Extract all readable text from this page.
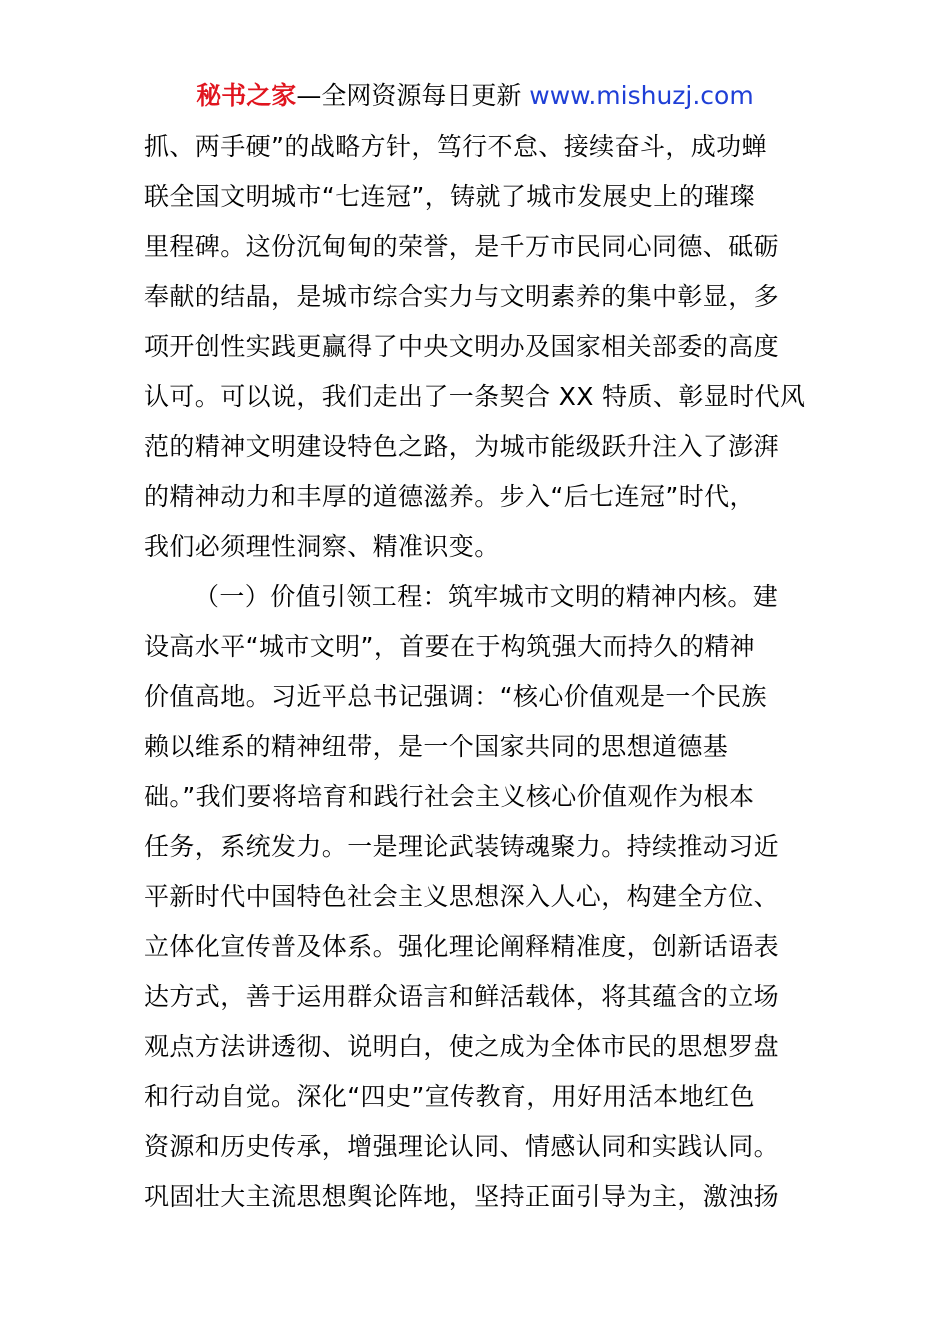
秘书之家—全网资源每日更新 www.mishuzj.com
抓、两手硬”的战略方针，笃行不怠、接续奋斗，成功蝉
联全国文明城市“七连冠”，铸就了城市发展史上的璀璨
里程碑。这份沉甸甸的荣誉，是千万市民同心同德、砥砺
奉献的结晶，是城市综合实力与文明素养的集中彰显，多
项开创性实践更赢得了中央文明办及国家相关部委的高度
认可。可以说，我们走出了一条契合 XX 特质、彰显时代风
范的精神文明建设特色之路，为城市能级跃升注入了澎湃
的精神动力和丰厚的道德滋养。步入“后七连冠”时代，
我们必须理性洞察、精准识变。
（一）价值引领工程：筑牢城市文明的精神内核。建
设高水平“城市文明”，首要在于构筑强大而持久的精神
价值高地。习近平总书记强调：“核心价值观是一个民族
赖以维系的精神纽带，是一个国家共同的思想道德基
础。”我们要将培育和践行社会主义核心价值观作为根本
任务，系统发力。一是理论武装铸魂聚力。持续推动习近
平新时代中国特色社会主义思想深入人心，构建全方位、
立体化宣传普及体系。强化理论阐释精准度，创新话语表
达方式，善于运用群众语言和鲜活载体，将其蕴含的立场
观点方法讲透彻、说明白，使之成为全体市民的思想罗盘
和行动自觉。深化“四史”宣传教育，用好用活本地红色
资源和历史传承，增强理论认同、情感认同和实践认同。
巩固壮大主流思想舆论阵地，坚持正面引导为主，激浊扬
